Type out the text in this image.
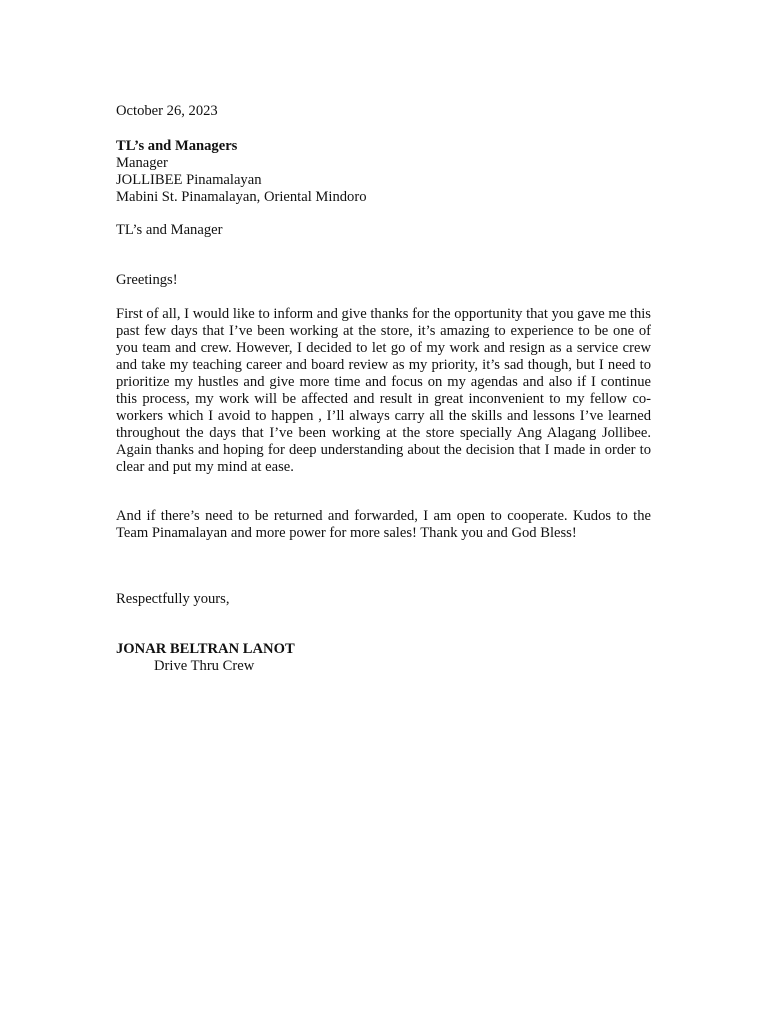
October 26, 2023
TL’s and Managers
Manager
JOLLIBEE Pinamalayan
Mabini St. Pinamalayan, Oriental Mindoro
TL’s and Manager
Greetings!
First of all, I would like to inform and give thanks for the opportunity that you gave me this past few days that I’ve been working at the store, it’s amazing to experience to be one of you team and crew. However, I decided to let go of my work and resign as a service crew and take my teaching career and board review as my priority, it’s sad though, but I need to prioritize my hustles and give more time and focus on my agendas and also if I continue this process, my work will be affected and result in great inconvenient to my fellow co-workers which I avoid to happen , I’ll always carry all the skills and lessons I’ve learned throughout the days that I’ve been working at the store specially Ang Alagang Jollibee. Again thanks and hoping for deep understanding about the decision that I made in order to clear and put my mind at ease.
And if there’s need to be returned and forwarded, I am open to cooperate. Kudos to the Team Pinamalayan and more power for more sales! Thank you and God Bless!
Respectfully yours,
JONAR BELTRAN LANOT
Drive Thru Crew
